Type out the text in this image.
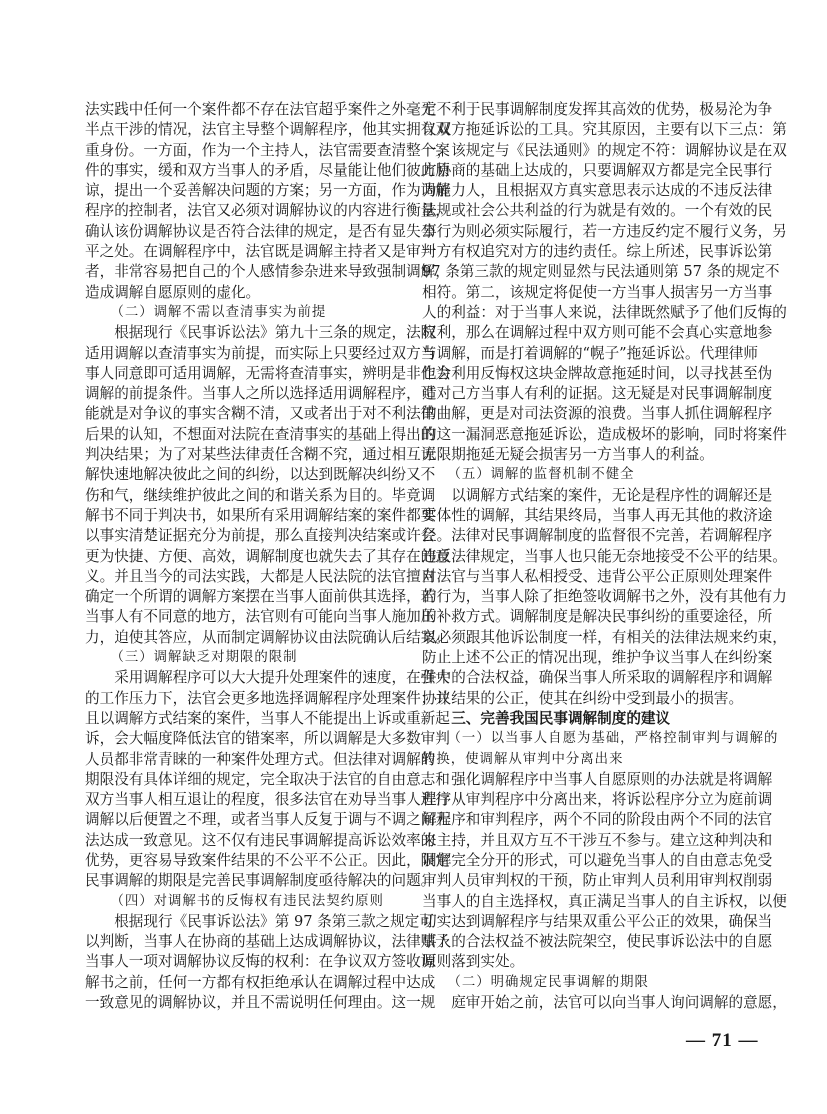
法实践中任何一个案件都不存在法官超乎案件之外毫无
半点干涉的情况，法官主导整个调解程序，他其实拥有双
重身份。一方面，作为一个主持人，法官需要查清整个案
件的事实，缓和双方当事人的矛盾，尽量能让他们彼此原
谅，提出一个妥善解决问题的方案；另一方面，作为调解
程序的控制者，法官又必须对调解协议的内容进行衡量，
确认该份调解协议是否符合法律的规定，是否有显失公
平之处。在调解程序中，法官既是调解主持者又是审判
者，非常容易把自己的个人感情参杂进来导致强制调解，
造成调解自愿原则的虚化。
（二）调解不需以查清事实为前提
根据现行《民事诉讼法》第九十三条的规定，法院
适用调解以查清事实为前提，而实际上只要经过双方当
事人同意即可适用调解，无需将查清事实，辨明是非作为
调解的前提条件。当事人之所以选择适用调解程序，可
能就是对争议的事实含糊不清，又或者出于对不利法律
后果的认知，不想面对法院在查清事实的基础上得出的
判决结果；为了对某些法律责任含糊不究，通过相互谅
解快速地解决彼此之间的纠纷，以达到既解决纠纷又不
伤和气，继续维护彼此之间的和谐关系为目的。毕竟调
解书不同于判决书，如果所有采用调解结案的案件都要
以事实清楚证据充分为前提，那么直接判决结案或许会
更为快捷、方便、高效，调解制度也就失去了其存在的意
义。并且当今的司法实践，大都是人民法院的法官擅自
确定一个所谓的调解方案摆在当事人面前供其选择，若
当事人有不同意的地方，法官则有可能向当事人施加压
力，迫使其答应，从而制定调解协议由法院确认后结案。
（三）调解缺乏对期限的限制
采用调解程序可以大大提升处理案件的速度，在强大
的工作压力下，法官会更多地选择调解程序处理案件；并
且以调解方式结案的案件，当事人不能提出上诉或重新起
诉，会大幅度降低法官的错案率，所以调解是大多数审判
人员都非常青睐的一种案件处理方式。但法律对调解的
期限没有具体详细的规定，完全取决于法官的自由意志和
双方当事人相互退让的程度，很多法官在劝导当事人进行
调解以后便置之不理，或者当事人反复于调与不调之间无
法达成一致意见。这不仅有违民事调解提高诉讼效率的
优势，更容易导致案件结果的不公平不公正。因此，限定
民事调解的期限是完善民事调解制度亟待解决的问题。
（四）对调解书的反悔权有违民法契约原则
根据现行《民事诉讼法》第 97 条第三款之规定可
以判断，当事人在协商的基础上达成调解协议，法律赋予
当事人一项对调解协议反悔的权利：在争议双方签收调
解书之前，任何一方都有权拒绝承认在调解过程中达成
一致意见的调解协议，并且不需说明任何理由。这一规
定不利于民事调解制度发挥其高效的优势，极易沦为争
议双方拖延诉讼的工具。究其原因，主要有以下三点：第
一，该规定与《民法通则》的规定不符：调解协议是在双
方协商的基础上达成的，只要调解双方都是完全民事行
为能力人，且根据双方真实意思表示达成的不违反法律
法规或社会公共利益的行为就是有效的。一个有效的民
事行为则必须实际履行，若一方违反约定不履行义务，另
一方有权追究对方的违约责任。综上所述，民事诉讼第
97 条第三款的规定则显然与民法通则第 57 条的规定不
相符。第二，该规定将促使一方当事人损害另一方当事
人的利益：对于当事人来说，法律既然赋予了他们反悔的
权利，那么在调解过程中双方则可能不会真心实意地参
与调解，而是打着调解的“幌子”拖延诉讼。代理律师
也会利用反悔权这块金牌故意拖延时间，以寻找甚至伪
造对己方当事人有利的证据。这无疑是对民事调解制度
的曲解，更是对司法资源的浪费。当事人抓住调解程序
的这一漏洞恶意拖延诉讼，造成极坏的影响，同时将案件
无限期拖延无疑会损害另一方当事人的利益。
（五）调解的监督机制不健全
以调解方式结案的案件，无论是程序性的调解还是
实体性的调解，其结果终局，当事人再无其他的救济途
径。法律对民事调解制度的监督很不完善，若调解程序
违反法律规定，当事人也只能无奈地接受不公平的结果。
对法官与当事人私相授受、违背公平公正原则处理案件
的行为，当事人除了拒绝签收调解书之外，没有其他有力
的补救方式。调解制度是解决民事纠纷的重要途径，所
以必须跟其他诉讼制度一样，有相关的法律法规来约束，
防止上述不公正的情况出现，维护争议当事人在纠纷案
件中的合法权益，确保当事人所采取的调解程序和调解
协议结果的公正，使其在纠纷中受到最小的损害。
三、完善我国民事调解制度的建议
（一）以当事人自愿为基础，严格控制审判与调解的
转换，使调解从审判中分离出来
强化调解程序中当事人自愿原则的办法就是将调解
程序从审判程序中分离出来，将诉讼程序分立为庭前调
解程序和审判程序，两个不同的阶段由两个不同的法官
来主持，并且双方互不干涉互不参与。建立这种判决和
调解完全分开的形式，可以避免当事人的自由意志免受
审判人员审判权的干预，防止审判人员利用审判权削弱
当事人的自主选择权，真正满足当事人的自主诉权，以便
切实达到调解程序与结果双重公平公正的效果，确保当
事人的合法权益不被法院架空，使民事诉讼法中的自愿
原则落到实处。
（二）明确规定民事调解的期限
庭审开始之前，法官可以向当事人询问调解的意愿，
— 71 —
